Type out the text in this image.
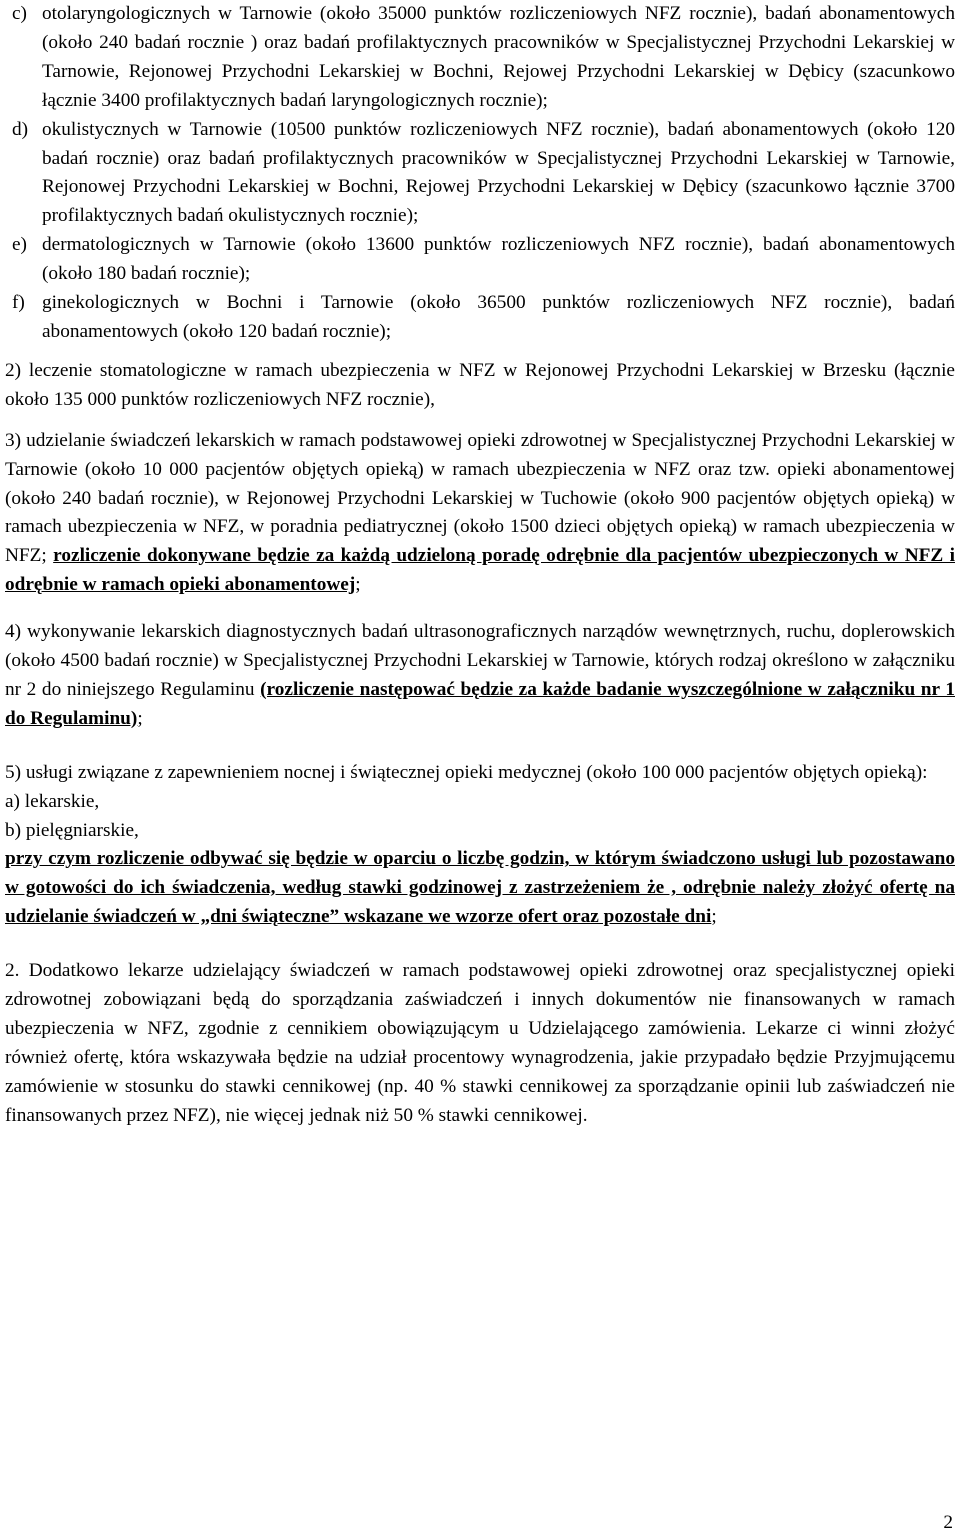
c) otolaryngologicznych w Tarnowie (około 35000 punktów rozliczeniowych NFZ rocznie), badań abonamentowych (około 240 badań rocznie ) oraz badań profilaktycznych pracowników w Specjalistycznej Przychodni Lekarskiej w Tarnowie, Rejonowej Przychodni Lekarskiej w Bochni, Rejowej Przychodni Lekarskiej w Dębicy (szacunkowo łącznie 3400 profilaktycznych badań laryngologicznych rocznie);

d) okulistycznych w Tarnowie (10500 punktów rozliczeniowych NFZ rocznie), badań abonamentowych (około 120 badań rocznie) oraz badań profilaktycznych pracowników w Specjalistycznej Przychodni Lekarskiej w Tarnowie, Rejonowej Przychodni Lekarskiej w Bochni, Rejowej Przychodni Lekarskiej w Dębicy (szacunkowo łącznie 3700 profilaktycznych badań okulistycznych rocznie);

e) dermatologicznych w Tarnowie (około 13600 punktów rozliczeniowych NFZ rocznie), badań abonamentowych (około 180 badań rocznie);

f) ginekologicznych w Bochni i Tarnowie (około 36500 punktów rozliczeniowych NFZ rocznie), badań abonamentowych (około 120 badań rocznie);

2) leczenie stomatologiczne w ramach ubezpieczenia w NFZ w Rejonowej Przychodni Lekarskiej w Brzesku (łącznie około 135 000 punktów rozliczeniowych NFZ rocznie),

3) udzielanie świadczeń lekarskich w ramach podstawowej opieki zdrowotnej w Specjalistycznej Przychodni Lekarskiej w Tarnowie (około 10 000 pacjentów objętych opieką) w ramach ubezpieczenia w NFZ oraz tzw. opieki abonamentowej (około 240 badań rocznie), w Rejonowej Przychodni Lekarskiej w Tuchowie (około 900 pacjentów objętych opieką) w ramach ubezpieczenia w NFZ, w poradnia pediatrycznej (około 1500 dzieci objętych opieką) w ramach ubezpieczenia w NFZ; rozliczenie dokonywane będzie za każdą udzieloną poradę odrębnie dla pacjentów ubezpieczonych w NFZ i odrębnie w ramach opieki abonamentowej;

4) wykonywanie lekarskich diagnostycznych badań ultrasonograficznych narządów wewnętrznych, ruchu, doplerowskich (około 4500 badań rocznie) w Specjalistycznej Przychodni Lekarskiej w Tarnowie, których rodzaj określono w załączniku nr 2 do niniejszego Regulaminu (rozliczenie następować będzie za każde badanie wyszczególnione w załączniku nr 1 do Regulaminu);

5) usługi związane z zapewnieniem nocnej i świątecznej opieki medycznej (około 100 000 pacjentów objętych opieką):

a) lekarskie,

b) pielęgniarskie,

przy czym rozliczenie odbywać się będzie w oparciu o liczbę godzin, w którym świadczono usługi lub pozostawano w gotowości do ich świadczenia, według stawki godzinowej z zastrzeżeniem że , odrębnie należy złożyć ofertę na udzielanie świadczeń w „dni świąteczne” wskazane we wzorze ofert oraz pozostałe dni;

2. Dodatkowo lekarze udzielający świadczeń w ramach podstawowej opieki zdrowotnej oraz specjalistycznej opieki zdrowotnej zobowiązani będą do sporządzania zaświadczeń i innych dokumentów nie finansowanych w ramach ubezpieczenia w NFZ, zgodnie z cennikiem obowiązującym u Udzielającego zamówienia. Lekarze ci winni złożyć również ofertę, która wskazywała będzie na udział procentowy wynagrodzenia, jakie przypadało będzie Przyjmującemu zamówienie w stosunku do stawki cennikowej (np. 40 % stawki cennikowej za sporządzanie opinii lub zaświadczeń nie finansowanych przez NFZ), nie więcej jednak niż 50 % stawki cennikowej.

2
